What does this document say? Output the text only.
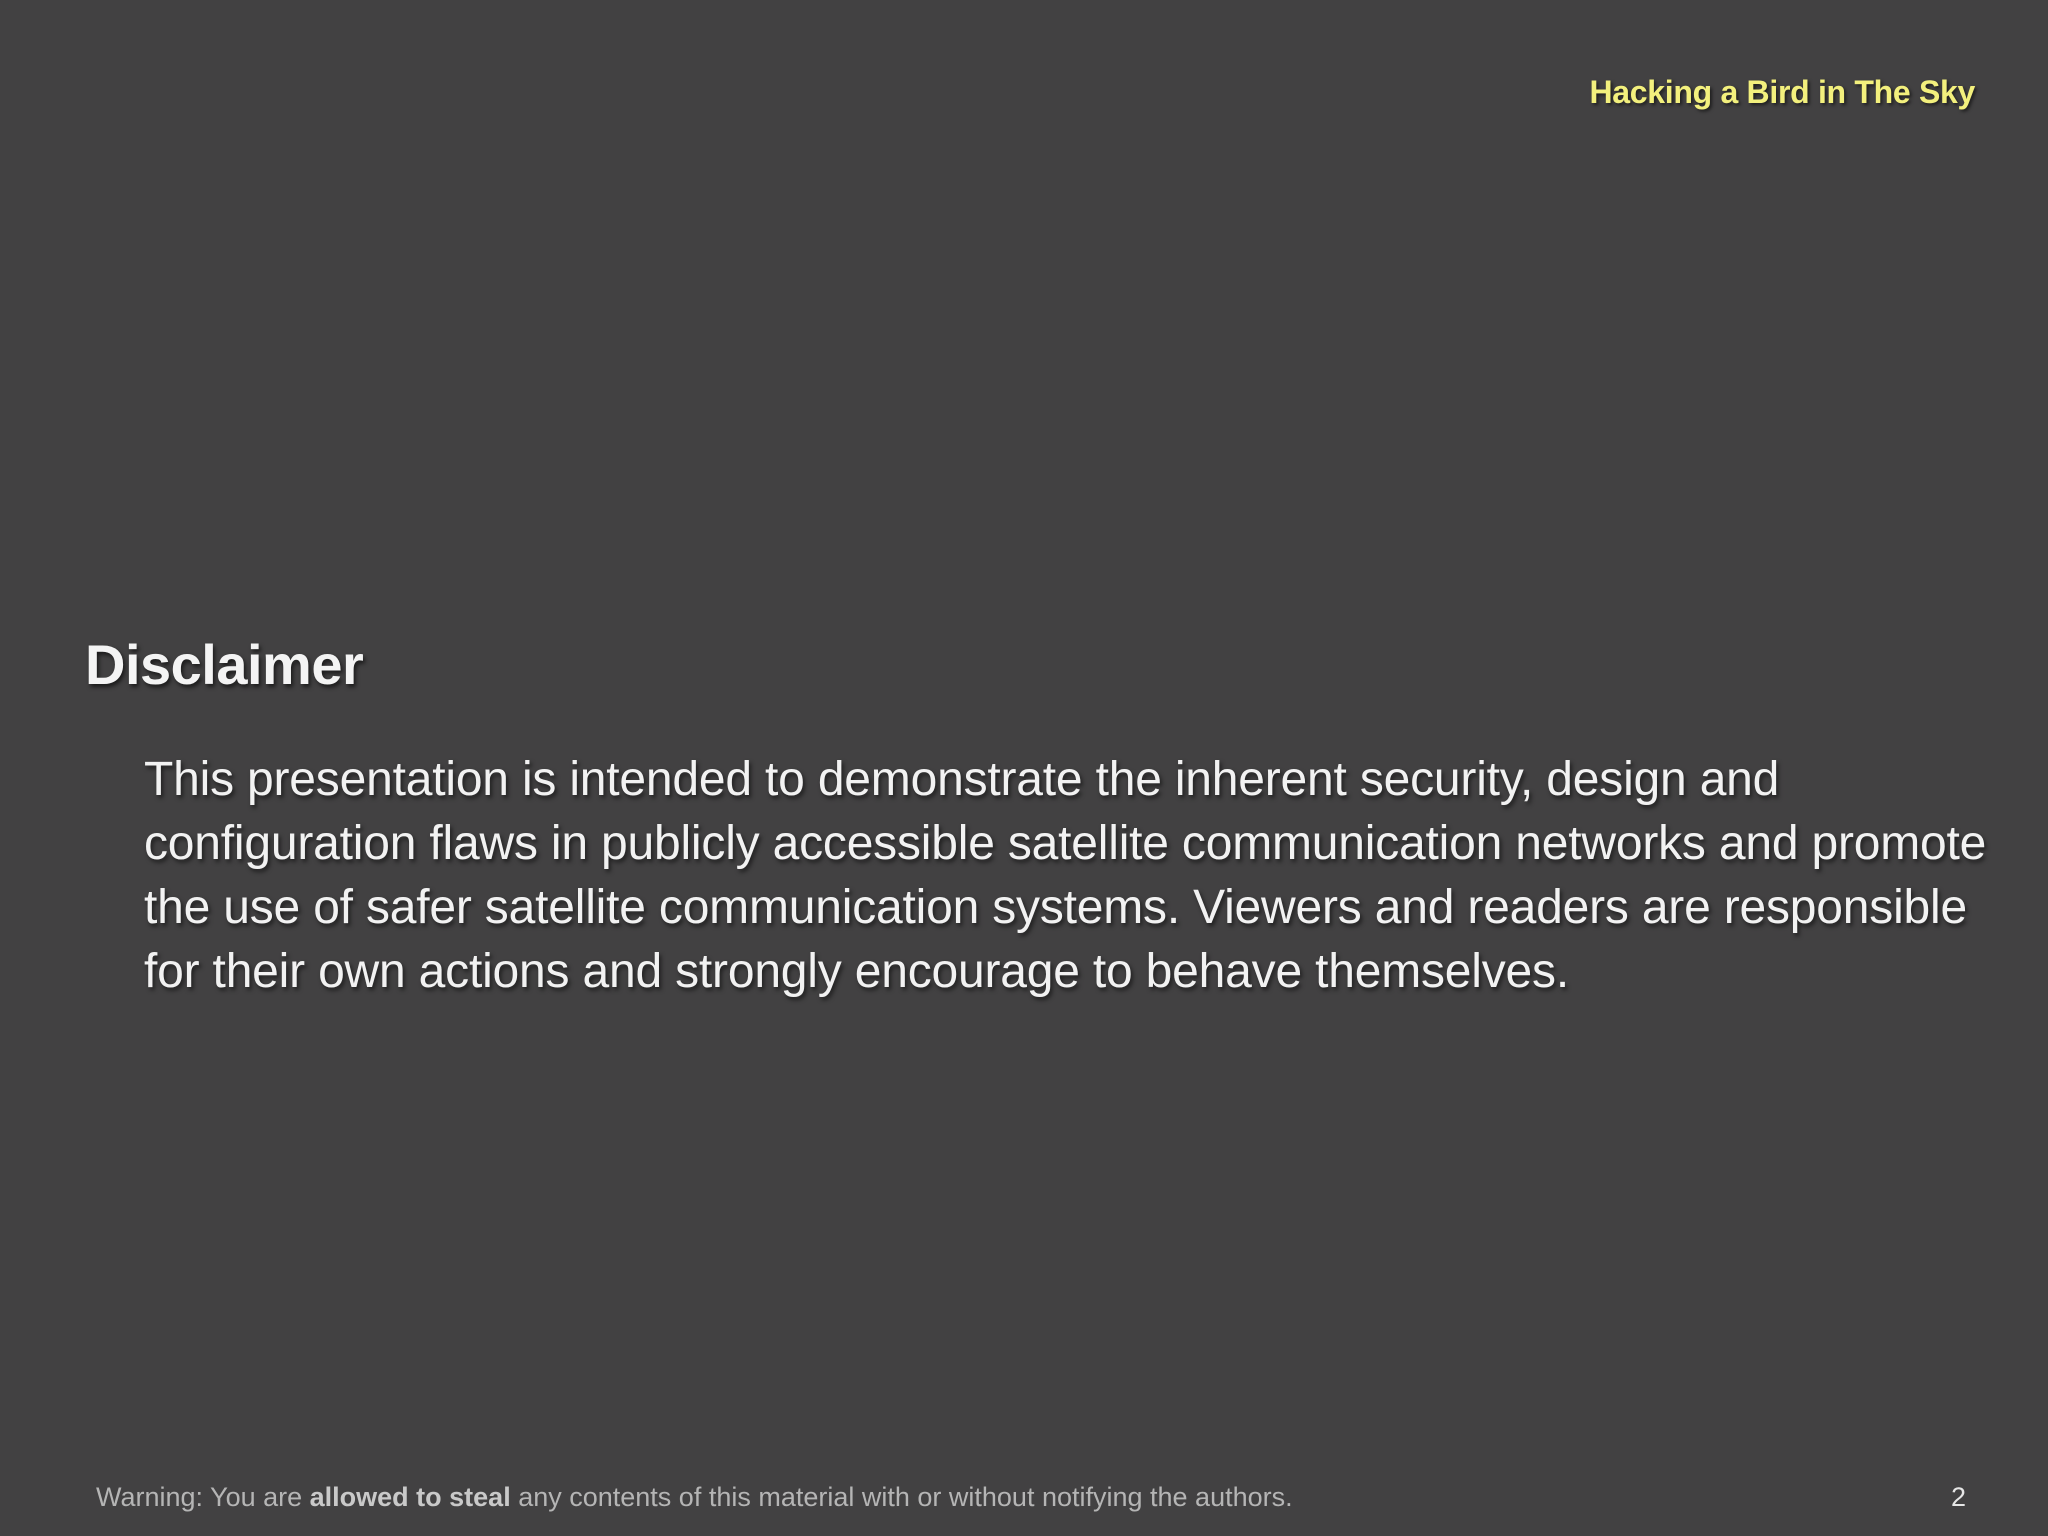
Hacking a Bird in The Sky
Disclaimer

This presentation is intended to demonstrate the inherent security, design and configuration flaws in publicly accessible satellite communication networks and promote the use of safer satellite communication systems. Viewers and readers are responsible for their own actions and strongly encourage to behave themselves.

Warning: You are allowed to steal any contents of this material with or without notifying the authors.	2
